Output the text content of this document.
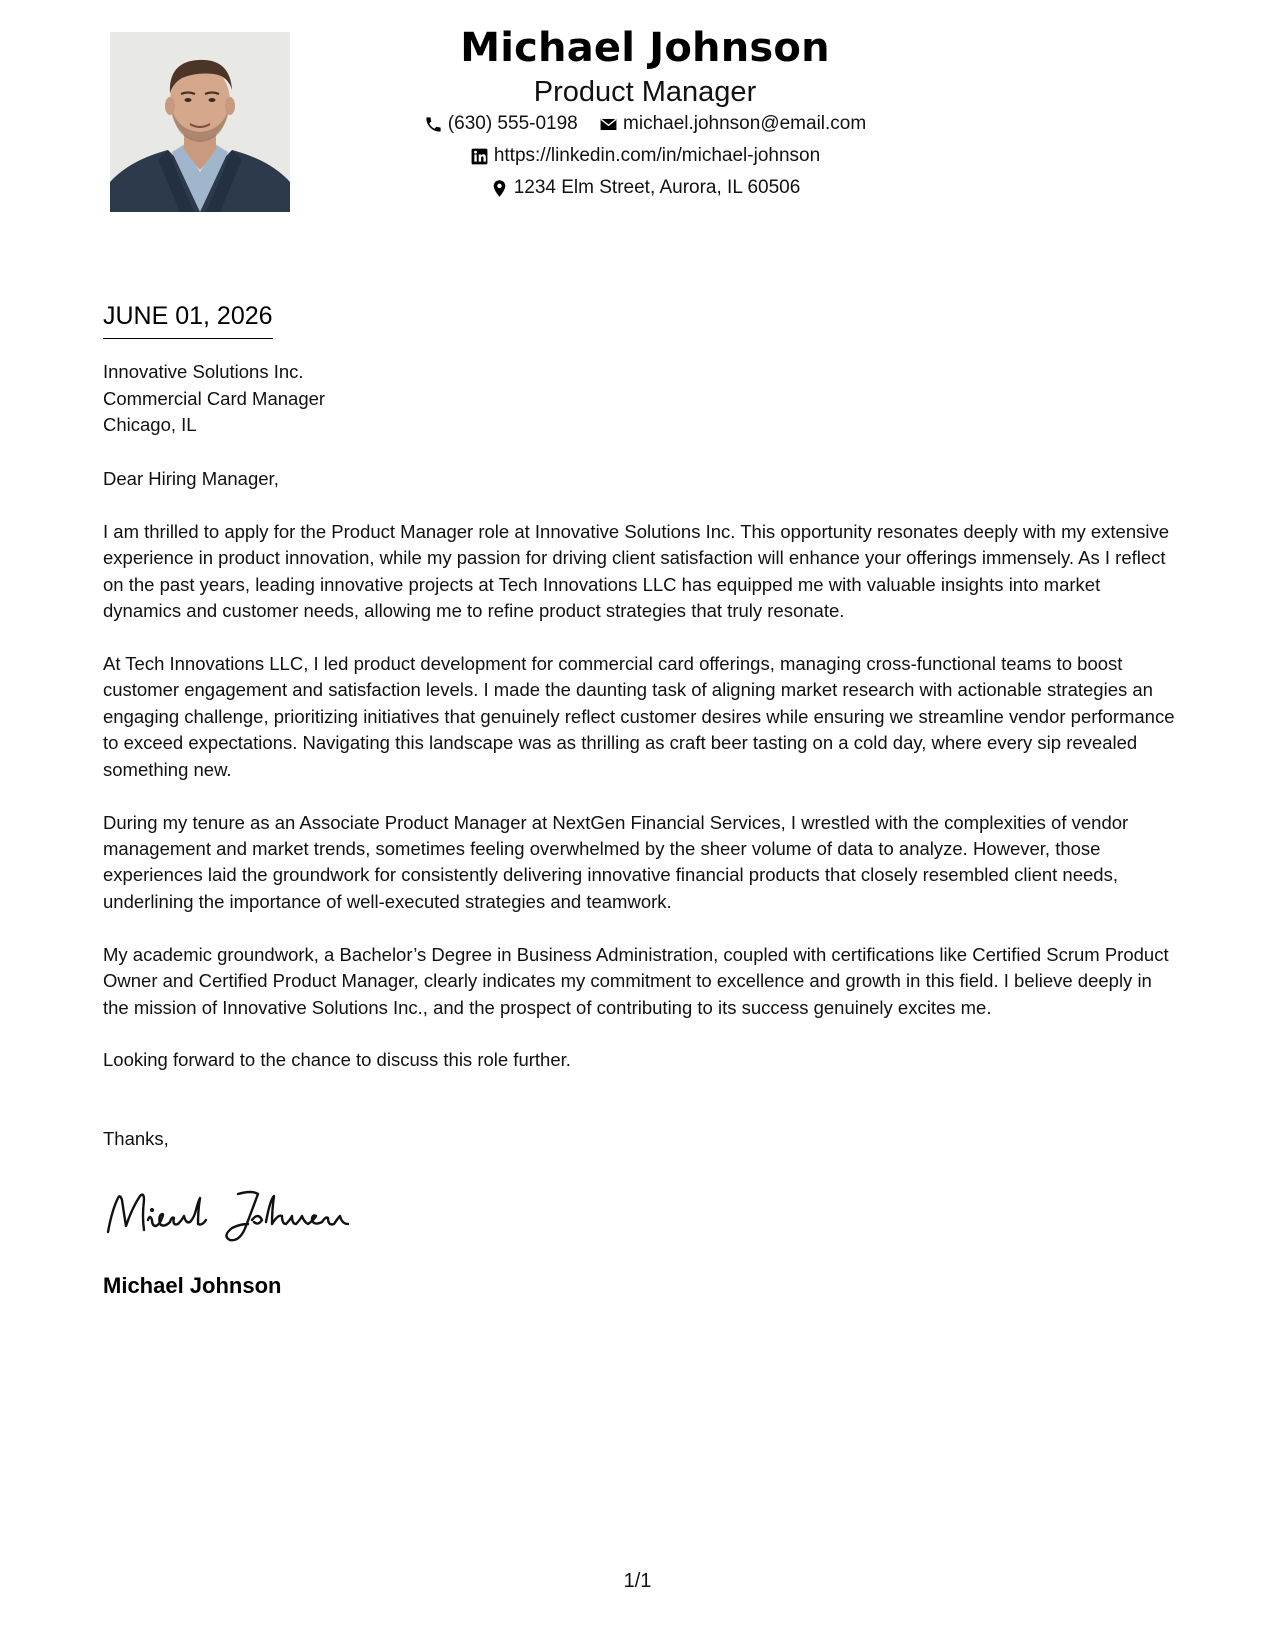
Michael Johnson
Product Manager
(630) 555-0198
michael.johnson@email.com
https://linkedin.com/in/michael-johnson
1234 Elm Street, Aurora, IL 60506
JUNE 01, 2026
Innovative Solutions Inc.
Commercial Card Manager
Chicago, IL

Dear Hiring Manager,

I am thrilled to apply for the Product Manager role at Innovative Solutions Inc. This opportunity resonates deeply with my extensive experience in product innovation, while my passion for driving client satisfaction will enhance your offerings immensely. As I reflect on the past years, leading innovative projects at Tech Innovations LLC has equipped me with valuable insights into market dynamics and customer needs, allowing me to refine product strategies that truly resonate.

At Tech Innovations LLC, I led product development for commercial card offerings, managing cross-functional teams to boost customer engagement and satisfaction levels. I made the daunting task of aligning market research with actionable strategies an engaging challenge, prioritizing initiatives that genuinely reflect customer desires while ensuring we streamline vendor performance to exceed expectations. Navigating this landscape was as thrilling as craft beer tasting on a cold day, where every sip revealed something new.

During my tenure as an Associate Product Manager at NextGen Financial Services, I wrestled with the complexities of vendor management and market trends, sometimes feeling overwhelmed by the sheer volume of data to analyze. However, those experiences laid the groundwork for consistently delivering innovative financial products that closely resembled client needs, underlining the importance of well-executed strategies and teamwork.

My academic groundwork, a Bachelor’s Degree in Business Administration, coupled with certifications like Certified Scrum Product Owner and Certified Product Manager, clearly indicates my commitment to excellence and growth in this field. I believe deeply in the mission of Innovative Solutions Inc., and the prospect of contributing to its success genuinely excites me.

Looking forward to the chance to discuss this role further.

Thanks,
Michael Johnson
1/1
